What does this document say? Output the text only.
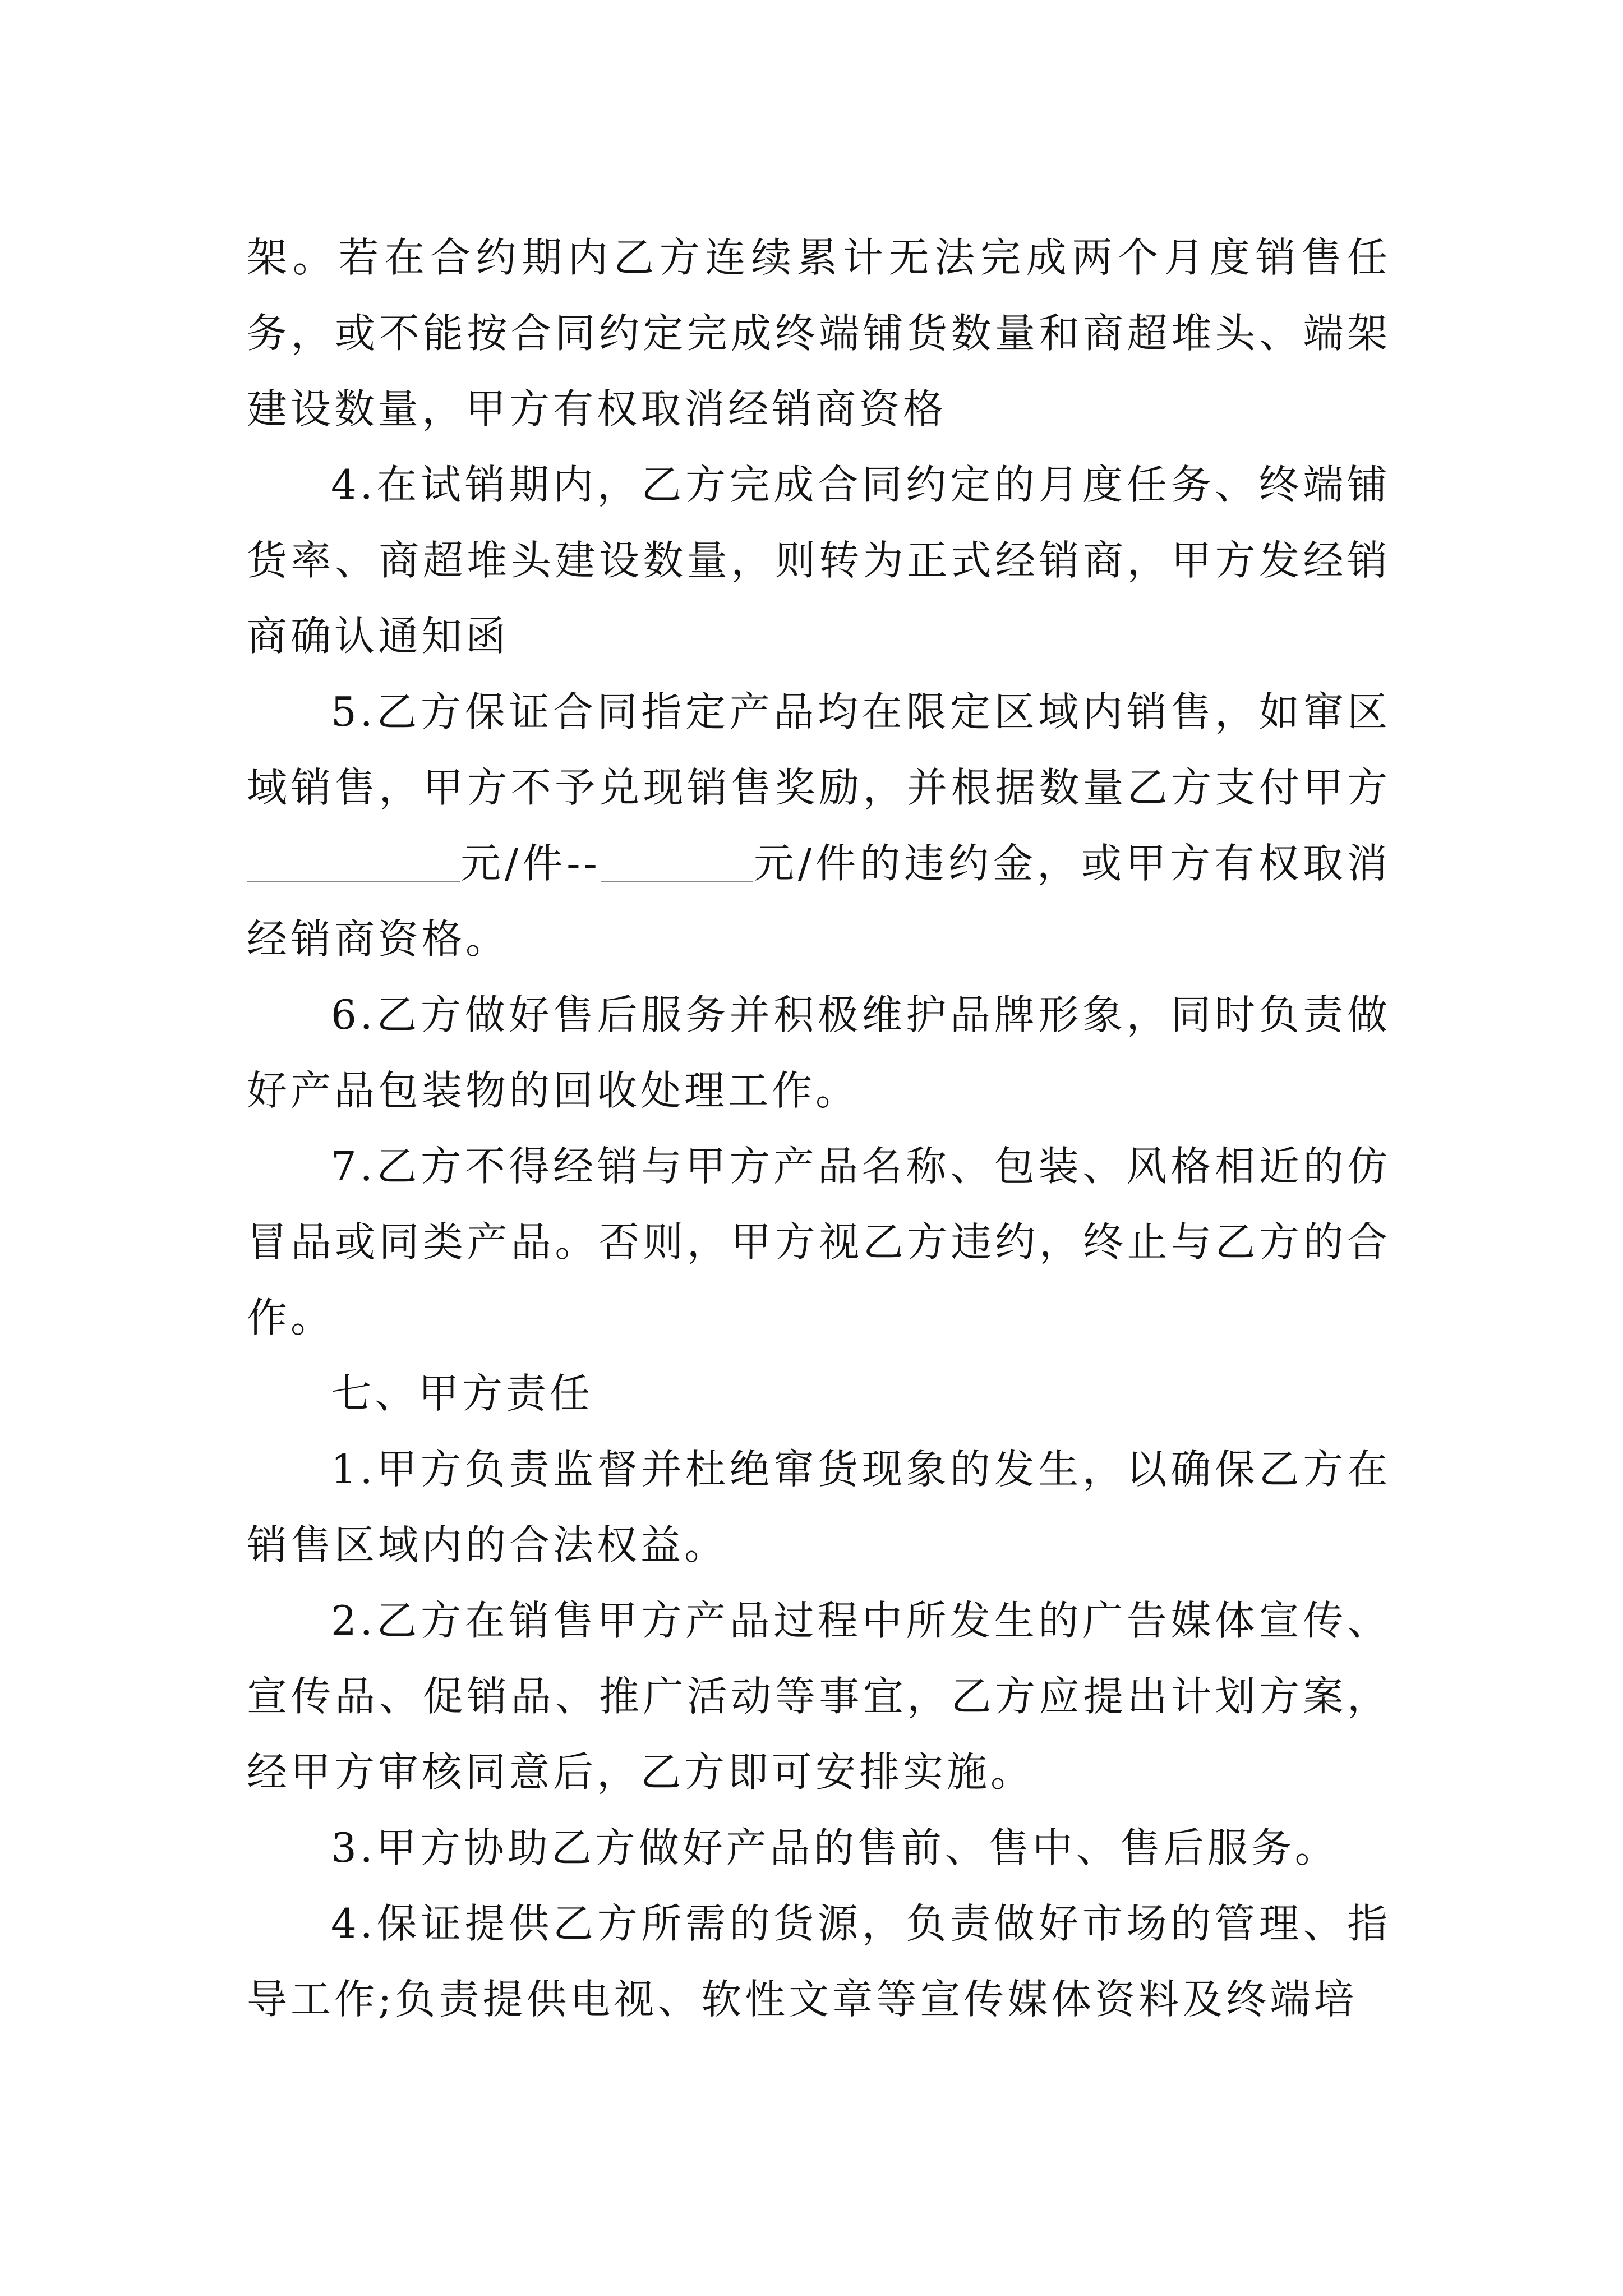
架。若在合约期内乙方连续累计无法完成两个月度销售任务，或不能按合同约定完成终端铺货数量和商超堆头、端架建设数量，甲方有权取消经销商资格

4.在试销期内，乙方完成合同约定的月度任务、终端铺货率、商超堆头建设数量，则转为正式经销商，甲方发经销商确认通知函

5.乙方保证合同指定产品均在限定区域内销售，如窜区域销售，甲方不予兑现销售奖励，并根据数量乙方支付甲方元/件--	元/件的违约金，或甲方有权取消经销商资格。

6.乙方做好售后服务并积极维护品牌形象，同时负责做好产品包装物的回收处理工作。

7.乙方不得经销与甲方产品名称、包装、风格相近的仿冒品或同类产品。否则，甲方视乙方违约，终止与乙方的合作。

七、甲方责任

1.甲方负责监督并杜绝窜货现象的发生，以确保乙方在销售区域内的合法权益。

2.乙方在销售甲方产品过程中所发生的广告媒体宣传、宣传品、促销品、推广活动等事宜，乙方应提出计划方案，经甲方审核同意后，乙方即可安排实施。

3.甲方协助乙方做好产品的售前、售中、售后服务。

4.保证提供乙方所需的货源，负责做好市场的管理、指导工作;负责提供电视、软性文章等宣传媒体资料及终端培
